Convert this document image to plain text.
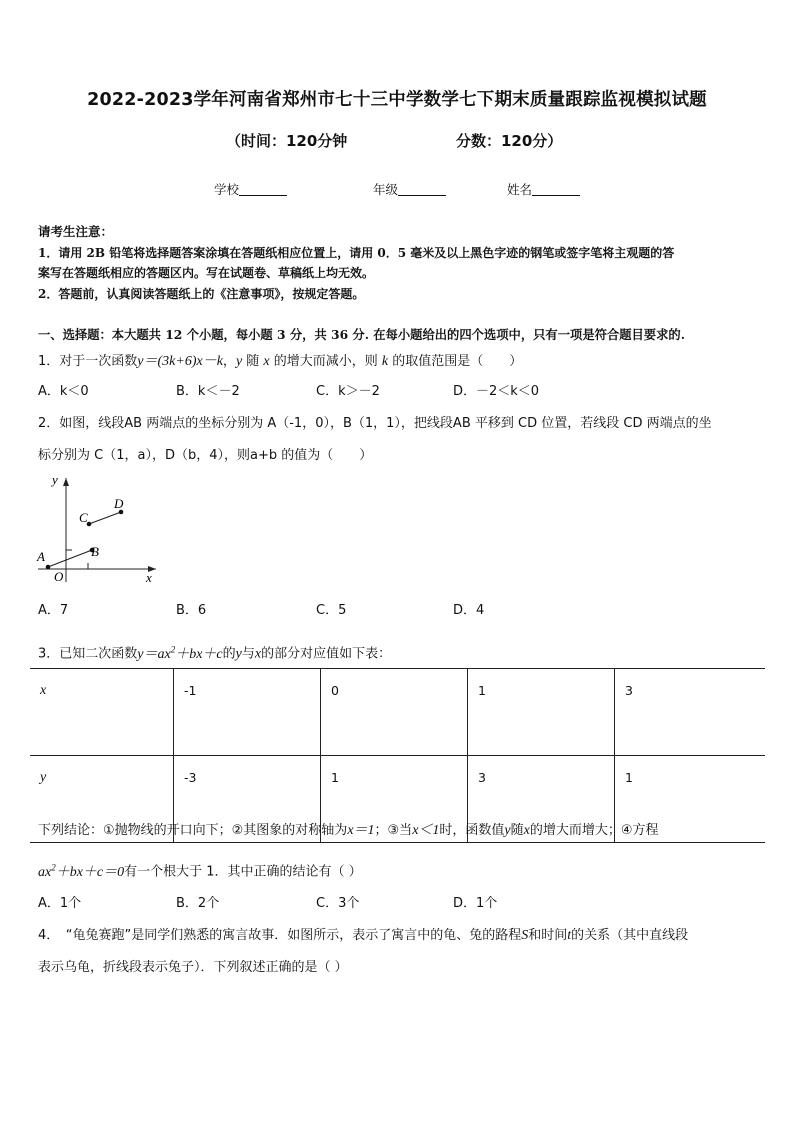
2022-2023学年河南省郑州市七十三中学数学七下期末质量跟踪监视模拟试题
（时间：120分钟	分数：120分）
学校	年级	姓名
请考生注意：
1．请用 2B 铅笔将选择题答案涂填在答题纸相应位置上，请用 0．5 毫米及以上黑色字迹的钢笔或签字笔将主观题的答
案写在答题纸相应的答题区内。写在试题卷、草稿纸上均无效。
2．答题前，认真阅读答题纸上的《注意事项》，按规定答题。
一、选择题：本大题共 12 个小题，每小题 3 分，共 36 分. 在每小题给出的四个选项中，只有一项是符合题目要求的.
1．对于一次函数y＝(3k+6)x－k，y 随 x 的增大而减小，则 k 的取值范围是（　　）
A．k＜0	B．k＜－2	C．k＞－2	D．－2＜k＜0
2．如图，线段AB 两端点的坐标分别为 A（-1，0），B（1，1），把线段AB 平移到 CD 位置，若线段 CD 两端点的坐
标分别为 C（1，a），D（b，4），则a+b 的值为（　　）
y
x
O
A	B
C
D
A．7	B．6	C．5	D．4
3．已知二次函数$y=ax^2+bx+c$的y与x的部分对应值如下表：
x	-1	0	1	3
y	-3	1	3	1
下列结论：①抛物线的开口向下；②其图象的对称轴为x＝1；③当x＜1时，函数值y随x的增大而增大；④方程
$ax^2+bx+c=0$有一个根大于 1．其中正确的结论有（ ）
A．1个	B．2个	C．3个	D．1个
4．　“龟兔赛跑”是同学们熟悉的寓言故事．如图所示，表示了寓言中的龟、兔的路程S和时间t的关系（其中直线段
表示乌龟，折线段表示兔子）．下列叙述正确的是（ ）
